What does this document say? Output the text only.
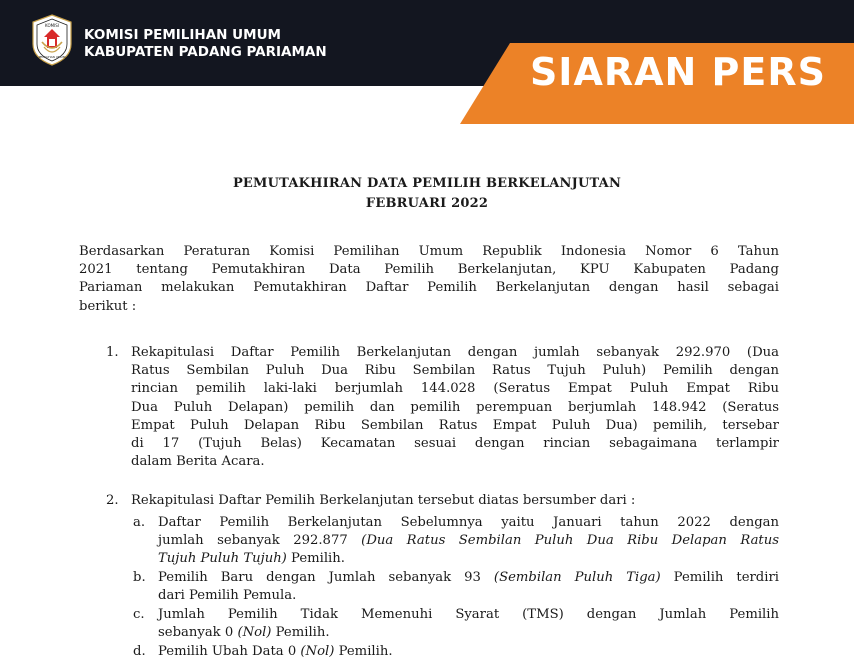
KOMISI
PEMILIHAN UMUM
KOMISI PEMILIHAN UMUM
KABUPATEN PADANG PARIAMAN	SIARAN PERS
PEMUTAKHIRAN DATA PEMILIH BERKELANJUTAN
FEBRUARI 2022
Berdasarkan Peraturan Komisi Pemilihan Umum Republik Indonesia Nomor 6 Tahun
2021 tentang Pemutakhiran Data Pemilih Berkelanjutan, KPU Kabupaten Padang
Pariaman melakukan Pemutakhiran Daftar Pemilih Berkelanjutan dengan hasil sebagai
berikut :
1. Rekapitulasi Daftar Pemilih Berkelanjutan dengan jumlah sebanyak 292.970 (Dua
Ratus Sembilan Puluh Dua Ribu Sembilan Ratus Tujuh Puluh) Pemilih dengan
rincian pemilih laki-laki berjumlah 144.028 (Seratus Empat Puluh Empat Ribu
Dua Puluh Delapan) pemilih dan pemilih perempuan berjumlah 148.942 (Seratus
Empat Puluh Delapan Ribu Sembilan Ratus Empat Puluh Dua) pemilih, tersebar
di 17 (Tujuh Belas) Kecamatan sesuai dengan rincian sebagaimana terlampir
dalam Berita Acara.
2. Rekapitulasi Daftar Pemilih Berkelanjutan tersebut diatas bersumber dari :
a. Daftar Pemilih Berkelanjutan Sebelumnya yaitu Januari tahun 2022 dengan
jumlah sebanyak 292.877 (Dua Ratus Sembilan Puluh Dua Ribu Delapan Ratus
Tujuh Puluh Tujuh) Pemilih.
b. Pemilih Baru dengan Jumlah sebanyak 93 (Sembilan Puluh Tiga) Pemilih terdiri
dari Pemilih Pemula.
c. Jumlah Pemilih Tidak Memenuhi Syarat (TMS) dengan Jumlah Pemilih
sebanyak 0 (Nol) Pemilih.
d. Pemilih Ubah Data 0 (Nol) Pemilih.
